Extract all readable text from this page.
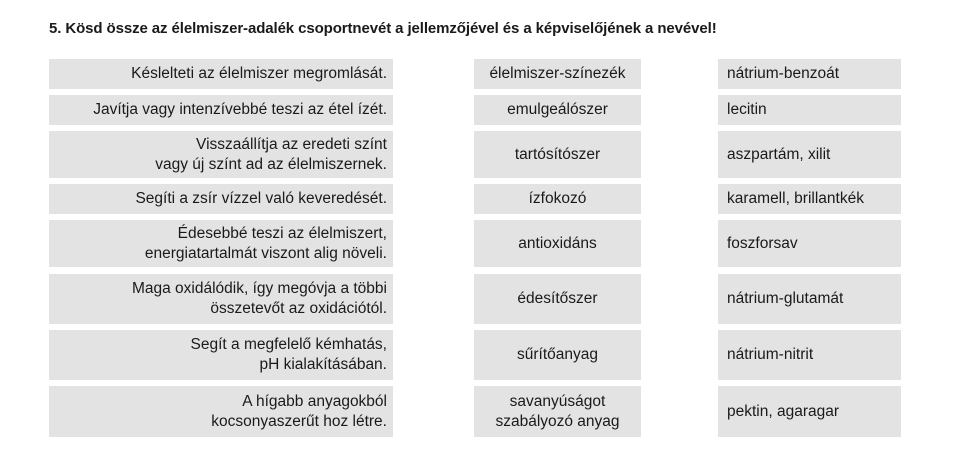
5. Kösd össze az élelmiszer-adalék csoportnevét a jellemzőjével és a képviselőjének a nevével!
Késlelteti az élelmiszer megromlását.
Javítja vagy intenzívebbé teszi az étel ízét.
Visszaállítja az eredeti színt
vagy új színt ad az élelmiszernek.
Segíti a zsír vízzel való keveredését.
Édesebbé teszi az élelmiszert,
energiatartalmát viszont alig növeli.
Maga oxidálódik, így megóvja a többi
összetevőt az oxidációtól.
Segít a megfelelő kémhatás,
pH kialakításában.
A hígabb anyagokból
kocsonyaszerűt hoz létre.
élelmiszer-színezék
emulgeálószer
tartósítószer
ízfokozó
antioxidáns
édesítőszer
sűrítőanyag
savanyúságot
szabályozó anyag
nátrium-benzoát
lecitin
aszpartám, xilit
karamell, brillantkék
foszforsav
nátrium-glutamát
nátrium-nitrit
pektin, agaragar
